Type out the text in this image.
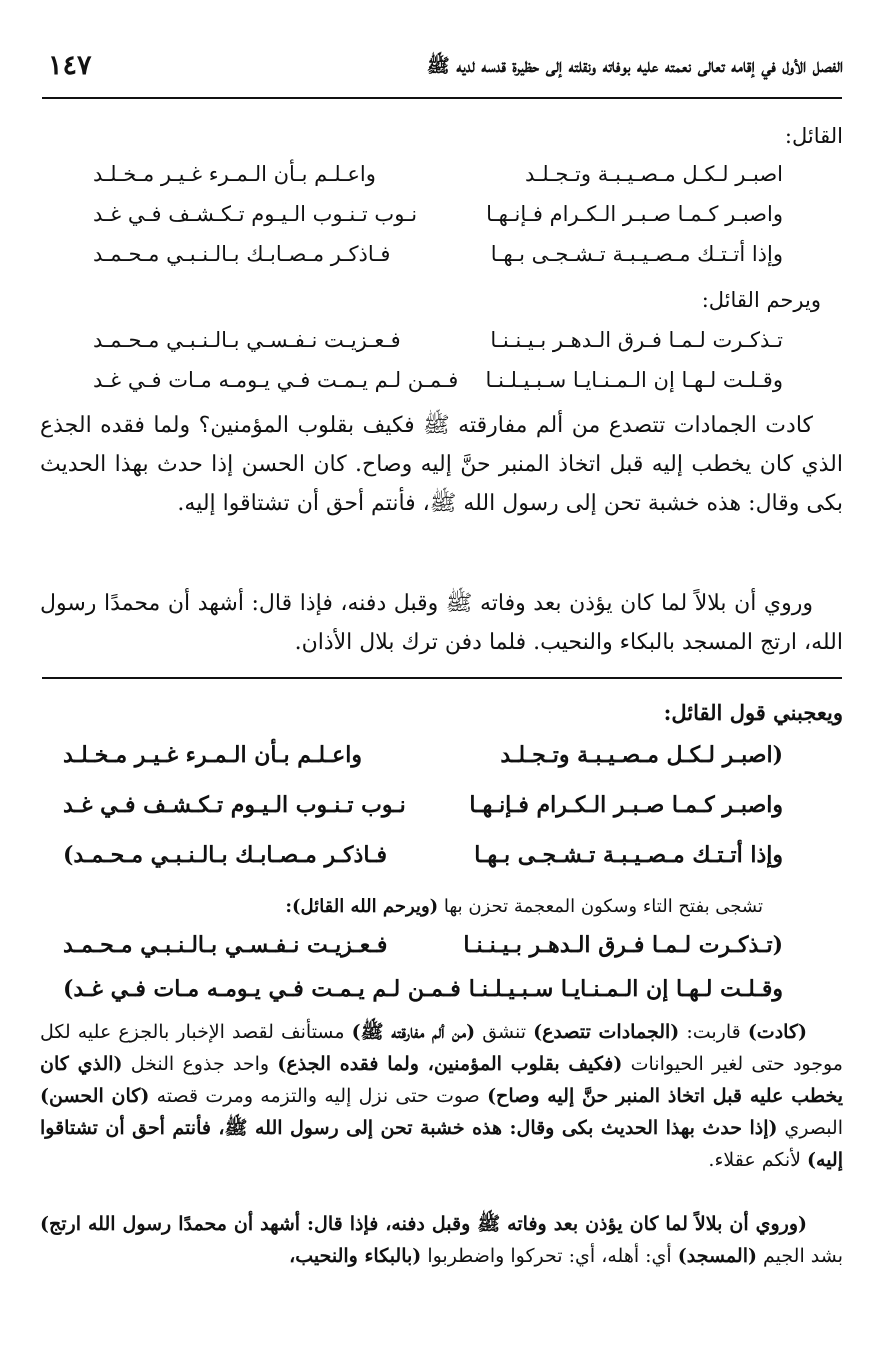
١٤٧	الفصل الأول في إقامه تعالى نعمته عليه بوفاته ونقلته إلى حظيرة قدسه لديه ﷺ
القائل:
اصبـر لـكـل مـصـيـبـة وتـجـلـد
واعـلـم بـأن الـمـرء غـيـر مـخـلـد
واصبـر كـمـا صـبـر الـكـرام فـإنـهـا
نـوب تـنـوب الـيـوم تـكـشـف فـي غـد
وإذا أتـتـك مـصـيـبـة تـشـجـى بـهـا
فـاذكـر مـصـابـك بـالـنـبـي مـحـمـد
ويرحم القائل:
تـذكـرت لـمـا فـرق الـدهـر بـيـنـنـا
فـعـزيـت نـفـسـي بـالـنـبـي مـحـمـد
وقـلـت لـهـا إن الـمـنـايـا سـبـيـلـنـا
فـمـن لـم يـمـت فـي يـومـه مـات فـي غـد
كادت الجمادات تتصدع من ألم مفارقته ﷺ فكيف بقلوب المؤمنين؟ ولما فقده الجذع الذي كان يخطب إليه قبل اتخاذ المنبر حنَّ إليه وصاح. كان الحسن إذا حدث بهذا الحديث بكى وقال: هذه خشبة تحن إلى رسول الله ﷺ، فأنتم أحق أن تشتاقوا إليه.
وروي أن بلالاً لما كان يؤذن بعد وفاته ﷺ وقبل دفنه، فإذا قال: أشهد أن محمدًا رسول الله، ارتج المسجد بالبكاء والنحيب. فلما دفن ترك بلال الأذان.
ويعجبني قول القائل:
(اصبـر لـكـل مـصـيـبـة وتـجـلـد
واعـلـم بـأن الـمـرء غـيـر مـخـلـد
واصبـر كـمـا صـبـر الـكـرام فـإنـهـا
نـوب تـنـوب الـيـوم تـكـشـف فـي غـد
وإذا أتـتـك مـصـيـبـة تـشـجـى بـهـا
فـاذكـر مـصـابـك بـالـنـبـي مـحـمـد)
تشجى بفتح التاء وسكون المعجمة تحزن بها (ويرحم الله القائل):
(تـذكـرت لـمـا فـرق الـدهـر بـيـنـنـا
فـعـزيـت نـفـسـي بـالـنـبـي مـحـمـد
وقـلـت لـهـا إن الـمـنـايـا سـبـيـلـنـا
فـمـن لـم يـمـت فـي يـومـه مـات فـي غـد)
(كادت) قاربت: (الجمادات تتصدع) تنشق (من ألم مفارقته ﷺ) مستأنف لقصد الإخبار بالجزع عليه لكل موجود حتى لغير الحيوانات (فكيف بقلوب المؤمنين، ولما فقده الجذع) واحد جذوع النخل (الذي كان يخطب عليه قبل اتخاذ المنبر حنَّ إليه وصاح) صوت حتى نزل إليه والتزمه ومرت قصته (كان الحسن) البصري (إذا حدث بهذا الحديث بكى وقال: هذه خشبة تحن إلى رسول الله ﷺ، فأنتم أحق أن تشتاقوا إليه) لأنكم عقلاء.
(وروي أن بلالاً لما كان يؤذن بعد وفاته ﷺ وقبل دفنه، فإذا قال: أشهد أن محمدًا رسول الله ارتج) بشد الجيم (المسجد) أي: أهله، أي: تحركوا واضطربوا (بالبكاء والنحيب،
